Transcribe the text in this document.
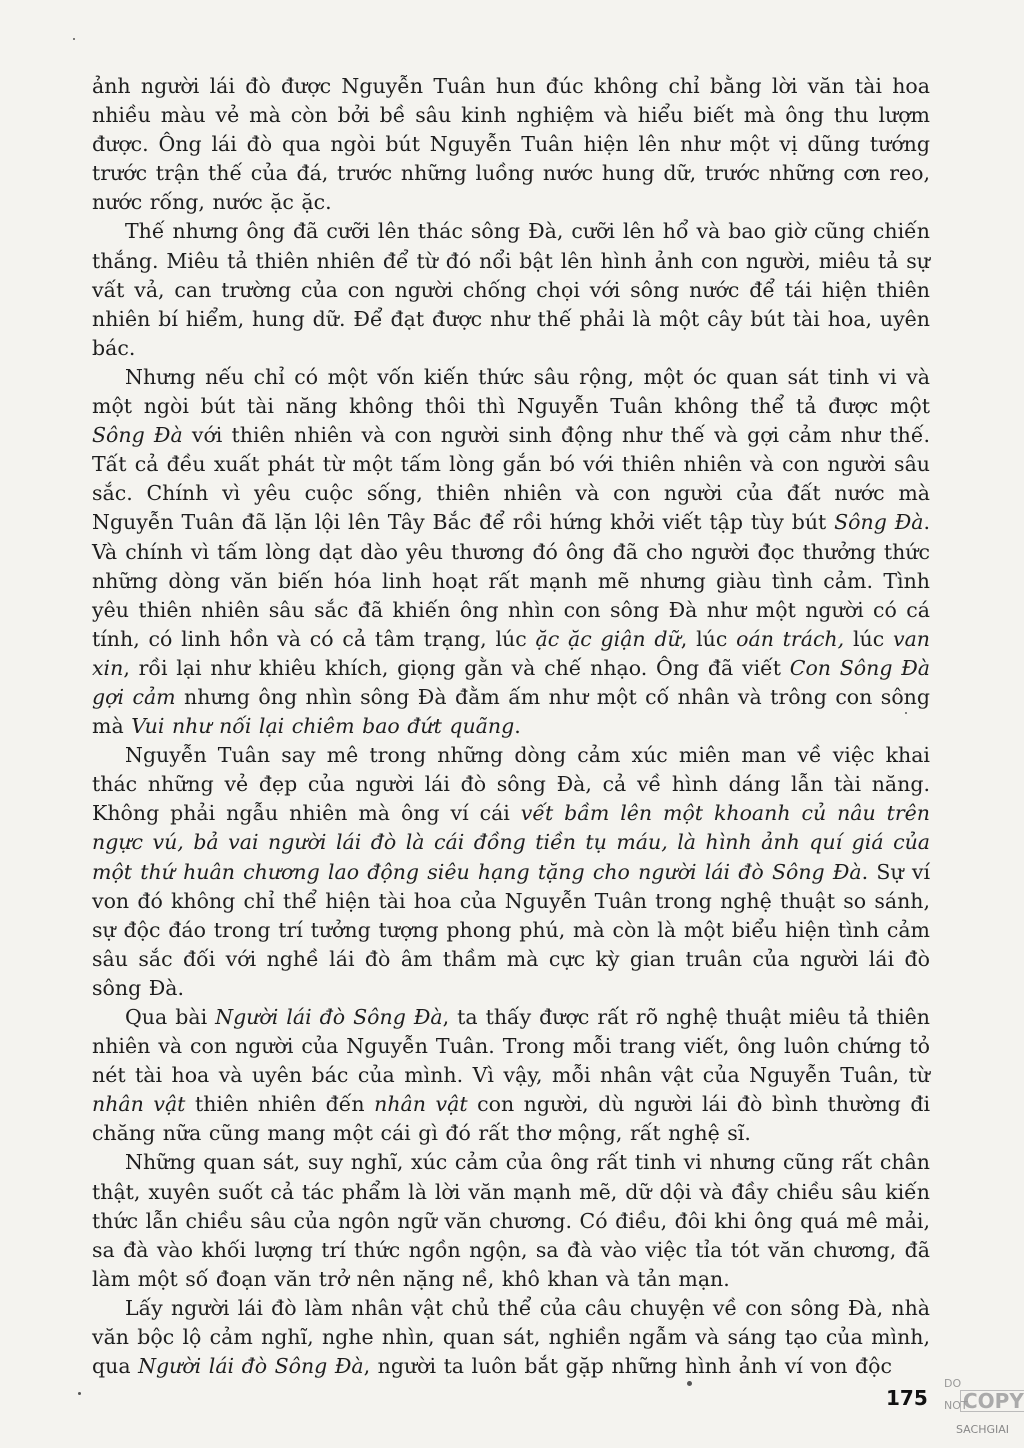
ảnh người lái đò được Nguyễn Tuân hun đúc không chỉ bằng lời văn tài hoa nhiều màu vẻ mà còn bởi bề sâu kinh nghiệm và hiểu biết mà ông thu lượm được. Ông lái đò qua ngòi bút Nguyễn Tuân hiện lên như một vị dũng tướng trước trận thế của đá, trước những luồng nước hung dữ, trước những cơn reo, nước rống, nước ặc ặc.

Thế nhưng ông đã cưỡi lên thác sông Đà, cưỡi lên hổ và bao giờ cũng chiến thắng. Miêu tả thiên nhiên để từ đó nổi bật lên hình ảnh con người, miêu tả sự vất vả, can trường của con người chống chọi với sông nước để tái hiện thiên nhiên bí hiểm, hung dữ. Để đạt được như thế phải là một cây bút tài hoa, uyên bác.

Nhưng nếu chỉ có một vốn kiến thức sâu rộng, một óc quan sát tinh vi và một ngòi bút tài năng không thôi thì Nguyễn Tuân không thể tả được một Sông Đà với thiên nhiên và con người sinh động như thế và gợi cảm như thế. Tất cả đều xuất phát từ một tấm lòng gắn bó với thiên nhiên và con người sâu sắc. Chính vì yêu cuộc sống, thiên nhiên và con người của đất nước mà Nguyễn Tuân đã lặn lội lên Tây Bắc để rồi hứng khởi viết tập tùy bút Sông Đà. Và chính vì tấm lòng dạt dào yêu thương đó ông đã cho người đọc thưởng thức những dòng văn biến hóa linh hoạt rất mạnh mẽ nhưng giàu tình cảm. Tình yêu thiên nhiên sâu sắc đã khiến ông nhìn con sông Đà như một người có cá tính, có linh hồn và có cả tâm trạng, lúc ặc ặc giận dữ, lúc oán trách, lúc van xin, rồi lại như khiêu khích, giọng gằn và chế nhạo. Ông đã viết Con Sông Đà gợi cảm nhưng ông nhìn sông Đà đằm ấm như một cố nhân và trông con sông mà Vui như nối lại chiêm bao đứt quãng.

Nguyễn Tuân say mê trong những dòng cảm xúc miên man về việc khai thác những vẻ đẹp của người lái đò sông Đà, cả về hình dáng lẫn tài năng. Không phải ngẫu nhiên mà ông ví cái vết bầm lên một khoanh củ nâu trên ngực vú, bả vai người lái đò là cái đồng tiền tụ máu, là hình ảnh quí giá của một thứ huân chương lao động siêu hạng tặng cho người lái đò Sông Đà. Sự ví von đó không chỉ thể hiện tài hoa của Nguyễn Tuân trong nghệ thuật so sánh, sự độc đáo trong trí tưởng tượng phong phú, mà còn là một biểu hiện tình cảm sâu sắc đối với nghề lái đò âm thầm mà cực kỳ gian truân của người lái đò sông Đà.

Qua bài Người lái đò Sông Đà, ta thấy được rất rõ nghệ thuật miêu tả thiên nhiên và con người của Nguyễn Tuân. Trong mỗi trang viết, ông luôn chứng tỏ nét tài hoa và uyên bác của mình. Vì vậy, mỗi nhân vật của Nguyễn Tuân, từ nhân vật thiên nhiên đến nhân vật con người, dù người lái đò bình thường đi chăng nữa cũng mang một cái gì đó rất thơ mộng, rất nghệ sĩ.

Những quan sát, suy nghĩ, xúc cảm của ông rất tinh vi nhưng cũng rất chân thật, xuyên suốt cả tác phẩm là lời văn mạnh mẽ, dữ dội và đầy chiều sâu kiến thức lẫn chiều sâu của ngôn ngữ văn chương. Có điều, đôi khi ông quá mê mải, sa đà vào khối lượng trí thức ngồn ngộn, sa đà vào việc tỉa tót văn chương, đã làm một số đoạn văn trở nên nặng nề, khô khan và tản mạn.

Lấy người lái đò làm nhân vật chủ thể của câu chuyện về con sông Đà, nhà văn bộc lộ cảm nghĩ, nghe nhìn, quan sát, nghiền ngẫm và sáng tạo của mình, qua Người lái đò Sông Đà, người ta luôn bắt gặp những hình ảnh ví von độc

175
DO
COPY
NOT
SACHGIAI
